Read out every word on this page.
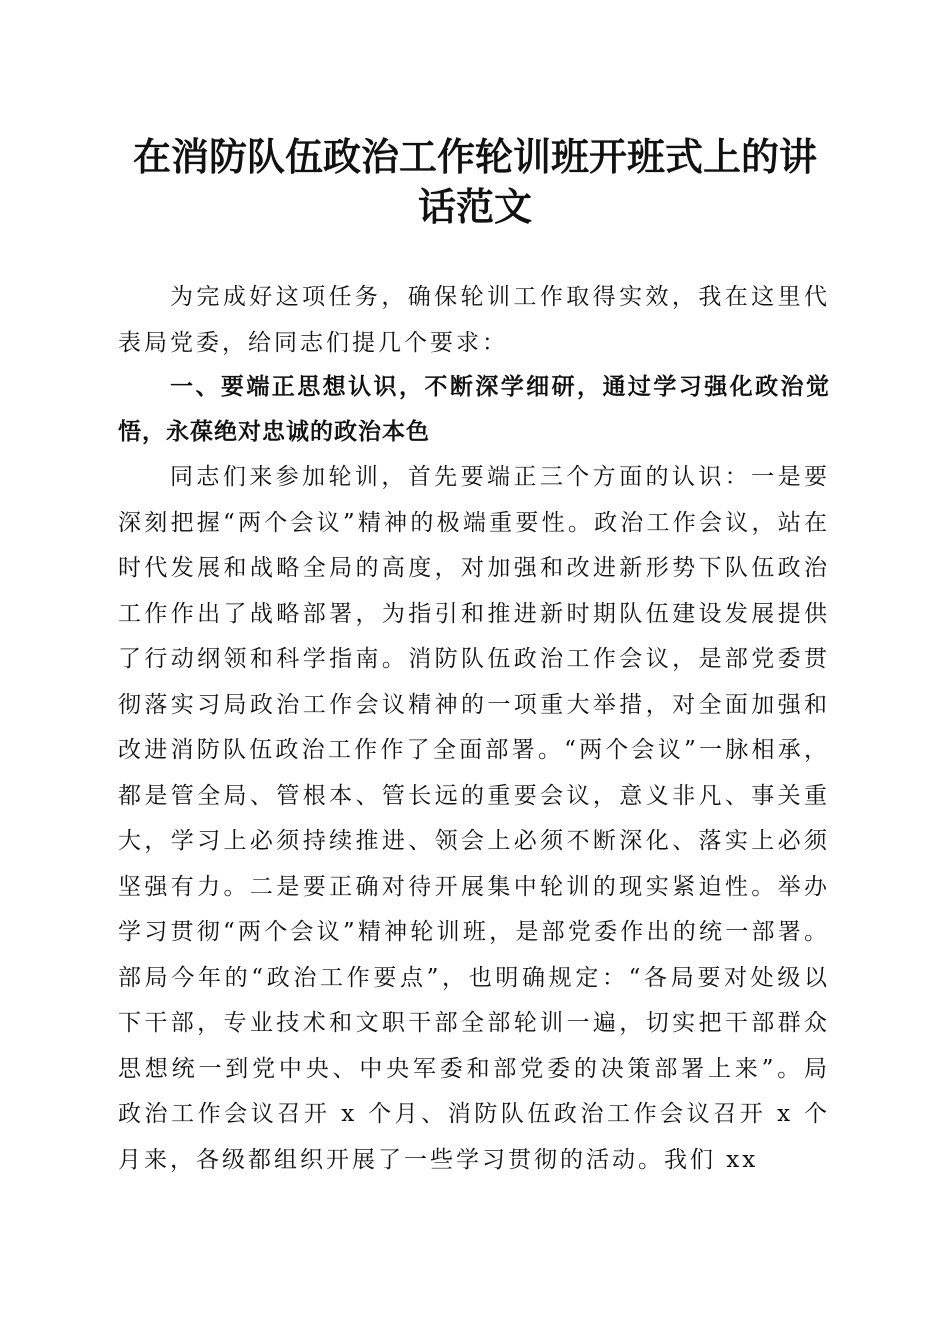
在消防队伍政治工作轮训班开班式上的讲话范文

为完成好这项任务，确保轮训工作取得实效，我在这里代表局党委，给同志们提几个要求：

一、要端正思想认识，不断深学细研，通过学习强化政治觉悟，永葆绝对忠诚的政治本色

同志们来参加轮训，首先要端正三个方面的认识：一是要深刻把握“两个会议”精神的极端重要性。政治工作会议，站在时代发展和战略全局的高度，对加强和改进新形势下队伍政治工作作出了战略部署，为指引和推进新时期队伍建设发展提供了行动纲领和科学指南。消防队伍政治工作会议，是部党委贯彻落实习局政治工作会议精神的一项重大举措，对全面加强和改进消防队伍政治工作作了全面部署。“两个会议”一脉相承，都是管全局、管根本、管长远的重要会议，意义非凡、事关重大，学习上必须持续推进、领会上必须不断深化、落实上必须坚强有力。二是要正确对待开展集中轮训的现实紧迫性。举办学习贯彻“两个会议”精神轮训班，是部党委作出的统一部署。部局今年的“政治工作要点”，也明确规定：“各局要对处级以下干部，专业技术和文职干部全部轮训一遍，切实把干部群众思想统一到党中央、中央军委和部党委的决策部署上来”。局政治工作会议召开 x 个月、消防队伍政治工作会议召开 x 个月来，各级都组织开展了一些学习贯彻的活动。我们 xx
